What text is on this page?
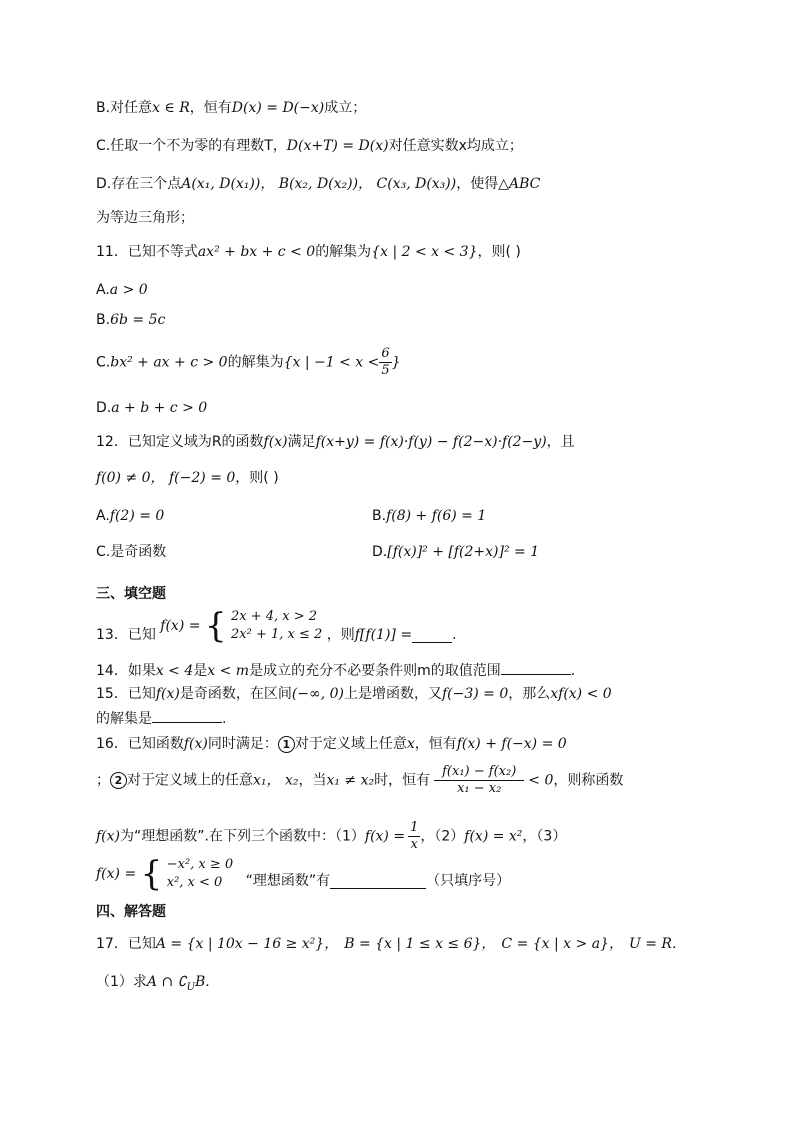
B.对任意x ∈ R，恒有D(x) = D(−x)成立；
C.任取一个不为零的有理数T，D(x+T) = D(x)对任意实数x均成立；
D.存在三个点A(x₁, D(x₁))， B(x₂, D(x₂))， C(x₃, D(x₃))，使得△ABC
为等边三角形；
11．已知不等式ax² + bx + c < 0的解集为{x | 2 < x < 3}，则( )
A.a > 0
B.6b = 5c
C.bx² + ax + c > 0的解集为{x | $-1 < x < \frac{6}{5}$ }
D.a + b + c > 0
12．已知定义域为R的函数f(x)满足f(x+y) = f(x)·f(y) − f(2−x)·f(2−y)，且
f(0) ≠ 0， f(−2) = 0，则( )
A.f(2) = 0	B.f(8) + f(6) = 1
C.是奇函数	D.[f(x)]² + [f(2+x)]² = 1
三、填空题
13．已知 f(x) = { 2x + 4, x > 2
2x² + 1, x ≤ 2 ，则f[f(1)] =	.
14．如果x < 4是x < m是成立的充分不必要条件则m的取值范围	.
15．已知f(x)是奇函数，在区间(−∞, 0)上是增函数，又f(−3) = 0，那么xf(x) < 0
的解集是	.
16．已知函数f(x)同时满足： 1 对于定义域上任意x，恒有f(x) + f(−x) = 0
； 2 对于定义域上的任意x₁， x₂，当x₁ ≠ x₂时，恒有 $\frac{\text{f(x₁) − f(x₂)}}{\text{x₁ − x₂}} < 0$，则称函数
f(x)为“理想函数”.在下列三个函数中：$(1)f(x) = \frac{1}{x}$ ，（2）f(x) = x²，（3）
f(x) = { −x², x ≥ 0
x², x < 0	“理想函数”有	（只填序号）
四、解答题
17．已知A = {x | 10x − 16 ≥ x²}， B = {x | 1 ≤ x ≤ 6}， C = {x | x > a}， U = R.
（1）求A ∩ $∁_UB$.
